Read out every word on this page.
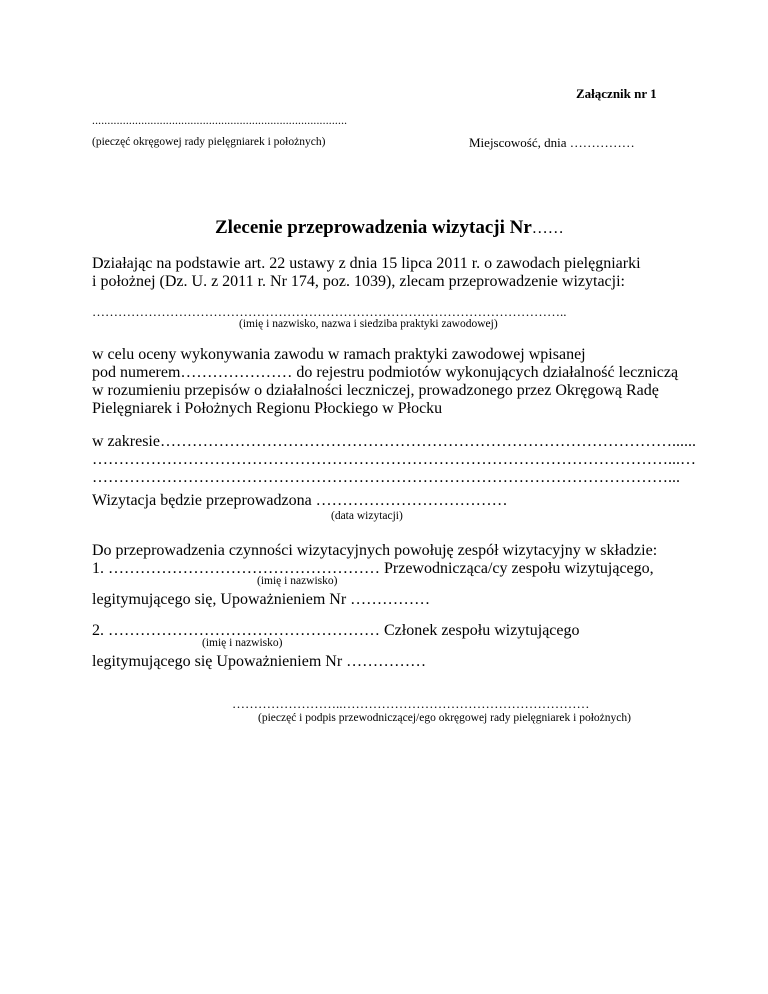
Załącznik nr 1
...................................................................................
(pieczęć okręgowej rady pielęgniarek i położnych)	Miejscowość, dnia ……………
Zlecenie przeprowadzenia wizytacji Nr……
Działając na podstawie art. 22 ustawy z dnia 15 lipca 2011 r. o zawodach pielęgniarki
i położnej (Dz. U. z 2011 r. Nr 174, poz. 1039), zlecam przeprowadzenie wizytacji:
………………………………………………………………………………………………..
(imię i nazwisko, nazwa i siedziba praktyki zawodowej)
w celu oceny wykonywania zawodu w ramach praktyki zawodowej wpisanej
pod numerem………………… do rejestru podmiotów wykonujących działalność leczniczą
w rozumieniu przepisów o działalności leczniczej, prowadzonego przez Okręgową Radę
Pielęgniarek i Położnych Regionu Płockiego w Płocku
w zakresie……………………………………………………………………………………......
………………………………………………………………………………………………...…
………………………………………………………………………………………………...
Wizytacja będzie przeprowadzona ………………………………
(data wizytacji)
Do przeprowadzenia czynności wizytacyjnych powołuję zespół wizytacyjny w składzie:
1. …………………………………………… Przewodnicząca/cy zespołu wizytującego,
(imię i nazwisko)
legitymującego się, Upoważnieniem Nr ……………
2. …………………………………………… Członek zespołu wizytującego
(imię i nazwisko)
legitymującego się Upoważnieniem Nr ……………
……………………..…………………………………………………
(pieczęć i podpis przewodniczącej/ego okręgowej rady pielęgniarek i położnych)
